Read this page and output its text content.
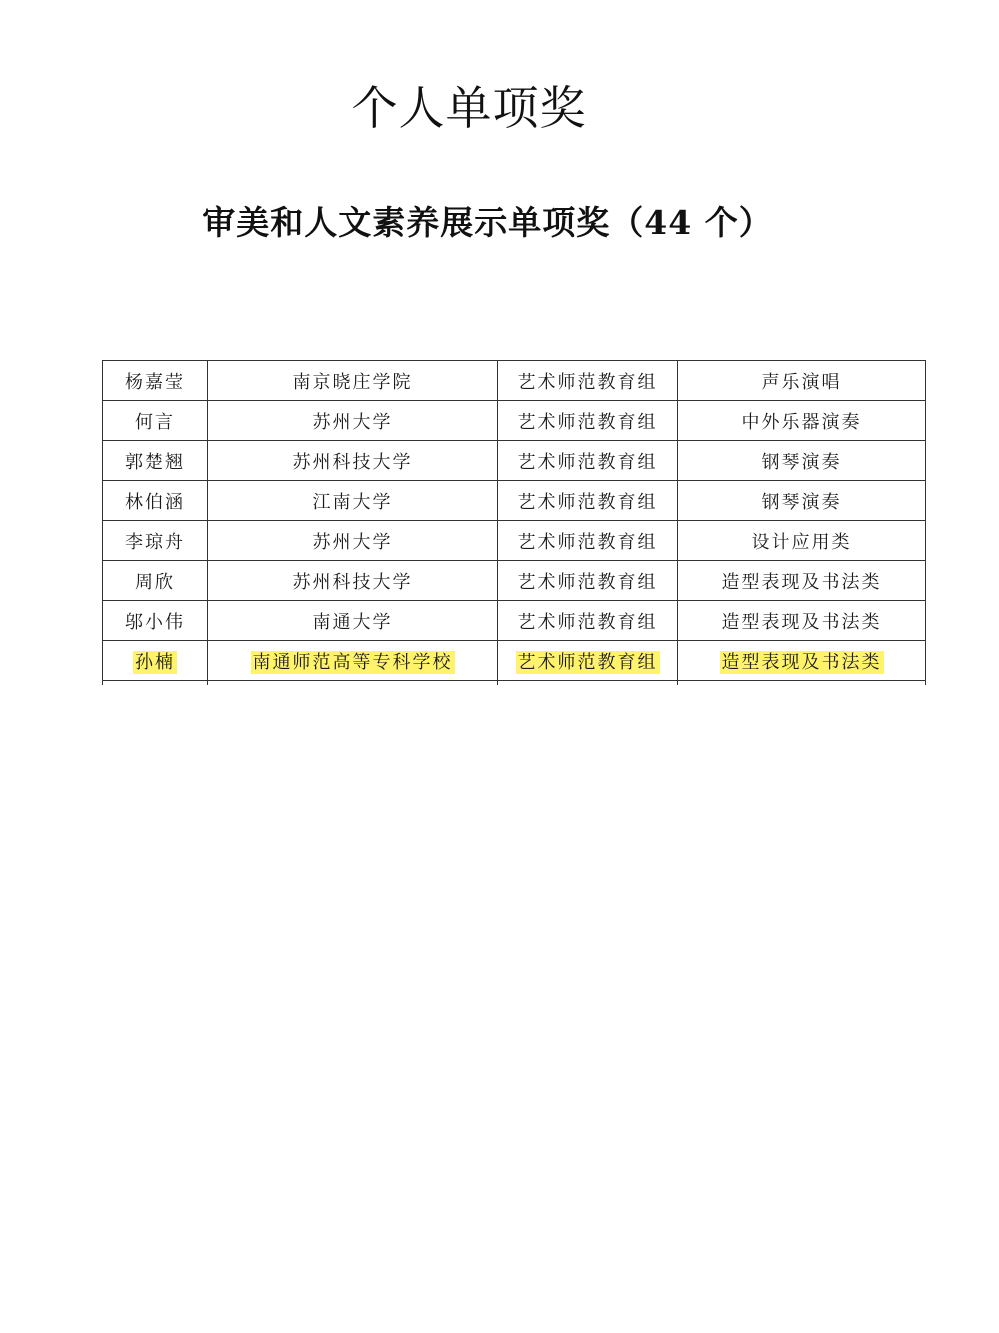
个人单项奖
审美和人文素养展示单项奖（44 个）
杨嘉莹	南京晓庄学院	艺术师范教育组	声乐演唱
何言	苏州大学	艺术师范教育组	中外乐器演奏
郭楚翘	苏州科技大学	艺术师范教育组	钢琴演奏
林伯涵	江南大学	艺术师范教育组	钢琴演奏
李琼舟	苏州大学	艺术师范教育组	设计应用类
周欣	苏州科技大学	艺术师范教育组	造型表现及书法类
邬小伟	南通大学	艺术师范教育组	造型表现及书法类
孙楠	南通师范高等专科学校	艺术师范教育组	造型表现及书法类
